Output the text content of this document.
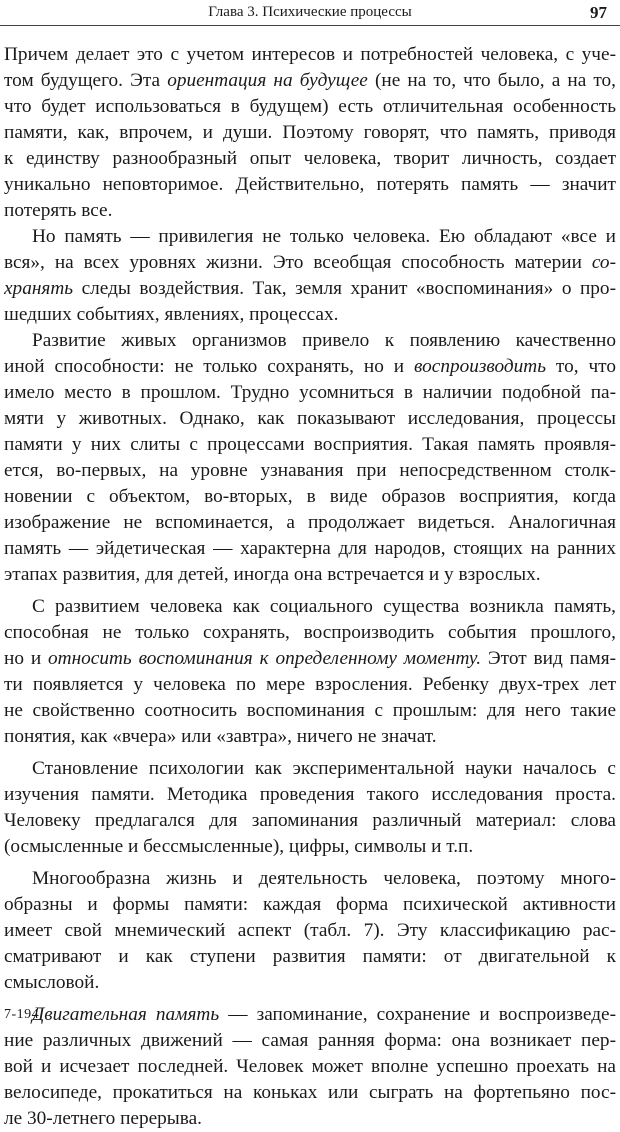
Глава 3. Психические процессы	97

Причем делает это с учетом интересов и потребностей человека, с уче-
том будущего. Эта ориентация на будущее (не на то, что было, а на то,
что будет использоваться в будущем) есть отличительная особенность
памяти, как, впрочем, и души. Поэтому говорят, что память, приводя
к единству разнообразный опыт человека, творит личность, создает
уникально неповторимое. Действительно, потерять память — значит
потерять все.

Но память — привилегия не только человека. Ею обладают «все и
вся», на всех уровнях жизни. Это всеобщая способность материи со-
хранять следы воздействия. Так, земля хранит «воспоминания» о про-
шедших событиях, явлениях, процессах.

Развитие живых организмов привело к появлению качественно
иной способности: не только сохранять, но и воспроизводить то, что
имело место в прошлом. Трудно усомниться в наличии подобной па-
мяти у животных. Однако, как показывают исследования, процессы
памяти у них слиты с процессами восприятия. Такая память проявля-
ется, во-первых, на уровне узнавания при непосредственном столк-
новении с объектом, во-вторых, в виде образов восприятия, когда
изображение не вспоминается, а продолжает видеться. Аналогичная
память — эйдетическая — характерна для народов, стоящих на ранних
этапах развития, для детей, иногда она встречается и у взрослых.

С развитием человека как социального существа возникла память,
способная не только сохранять, воспроизводить события прошлого,
но и относить воспоминания к определенному моменту. Этот вид памя-
ти появляется у человека по мере взросления. Ребенку двух-трех лет
не свойственно соотносить воспоминания с прошлым: для него такие
понятия, как «вчера» или «завтра», ничего не значат.

Становление психологии как экспериментальной науки началось с
изучения памяти. Методика проведения такого исследования проста.
Человеку предлагался для запоминания различный материал: слова
(осмысленные и бессмысленные), цифры, символы и т.п.

Многообразна жизнь и деятельность человека, поэтому много-
образны и формы памяти: каждая форма психической активности
имеет свой мнемический аспект (табл. 7). Эту классификацию рас-
сматривают и как ступени развития памяти: от двигательной к
смысловой.

Двигательная память — запоминание, сохранение и воспроизведе-
ние различных движений — самая ранняя форма: она возникает пер-
вой и исчезает последней. Человек может вполне успешно проехать на
велосипеде, прокатиться на коньках или сыграть на фортепьяно пос-
ле 30-летнего перерыва.

7-194
